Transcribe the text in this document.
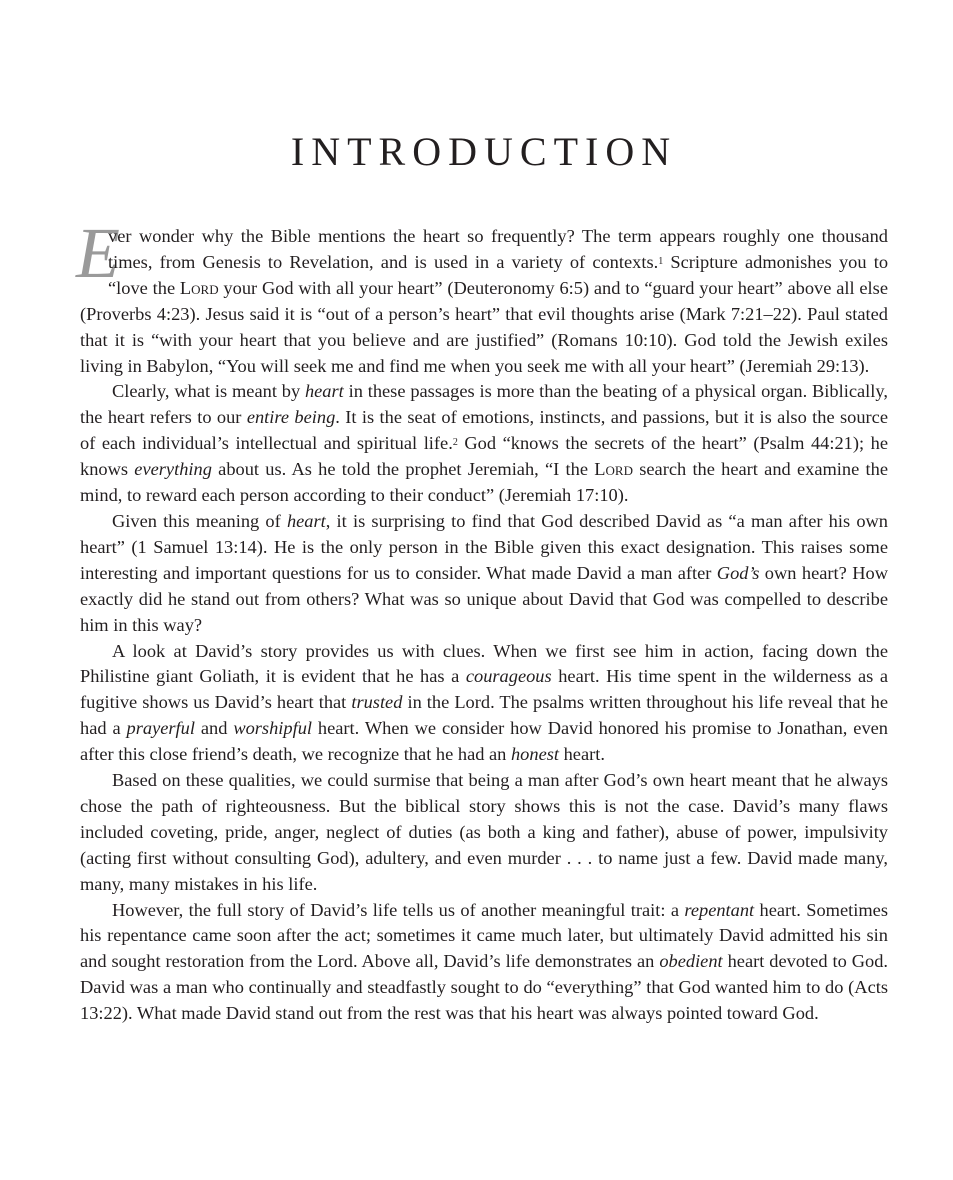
INTRODUCTION

E
ver wonder why the Bible mentions the heart so frequently? The term appears roughly one thousand times, from Genesis to Revelation, and is used in a variety of contexts.$^1$ Scripture admonishes you to “love the Lord your God with all your heart” (Deuteronomy 6:5) and to “guard your heart” above all else (Proverbs 4:23). Jesus said it is “out of a person’s heart” that evil thoughts arise (Mark 7:21–22). Paul stated that it is “with your heart that you believe and are justified” (Romans 10:10). God told the Jewish exiles living in Babylon, “You will seek me and find me when you seek me with all your heart” (Jeremiah 29:13).

Clearly, what is meant by heart in these passages is more than the beating of a physical organ. Biblically, the heart refers to our entire being. It is the seat of emotions, instincts, and passions, but it is also the source of each individual’s intellectual and spiritual life.$^2$ God “knows the secrets of the heart” (Psalm 44:21); he knows everything about us. As he told the prophet Jeremiah, “I the Lord search the heart and examine the mind, to reward each person according to their conduct” (Jeremiah 17:10).

Given this meaning of heart, it is surprising to find that God described David as “a man after his own heart” (1 Samuel 13:14). He is the only person in the Bible given this exact designation. This raises some interesting and important questions for us to consider. What made David a man after God’s own heart? How exactly did he stand out from others? What was so unique about David that God was compelled to describe him in this way?

A look at David’s story provides us with clues. When we first see him in action, facing down the Philistine giant Goliath, it is evident that he has a courageous heart. His time spent in the wilderness as a fugitive shows us David’s heart that trusted in the Lord. The psalms written throughout his life reveal that he had a prayerful and worshipful heart. When we consider how David honored his promise to Jonathan, even after this close friend’s death, we recognize that he had an honest heart.

Based on these qualities, we could surmise that being a man after God’s own heart meant that he always chose the path of righteousness. But the biblical story shows this is not the case. David’s many flaws included coveting, pride, anger, neglect of duties (as both a king and father), abuse of power, impulsivity (acting first without consulting God), adultery, and even murder . . . to name just a few. David made many, many, many mistakes in his life.

However, the full story of David’s life tells us of another meaningful trait: a repentant heart. Sometimes his repentance came soon after the act; sometimes it came much later, but ultimately David admitted his sin and sought restoration from the Lord. Above all, David’s life demonstrates an obedient heart devoted to God. David was a man who continually and steadfastly sought to do “everything” that God wanted him to do (Acts 13:22). What made David stand out from the rest was that his heart was always pointed toward God.
